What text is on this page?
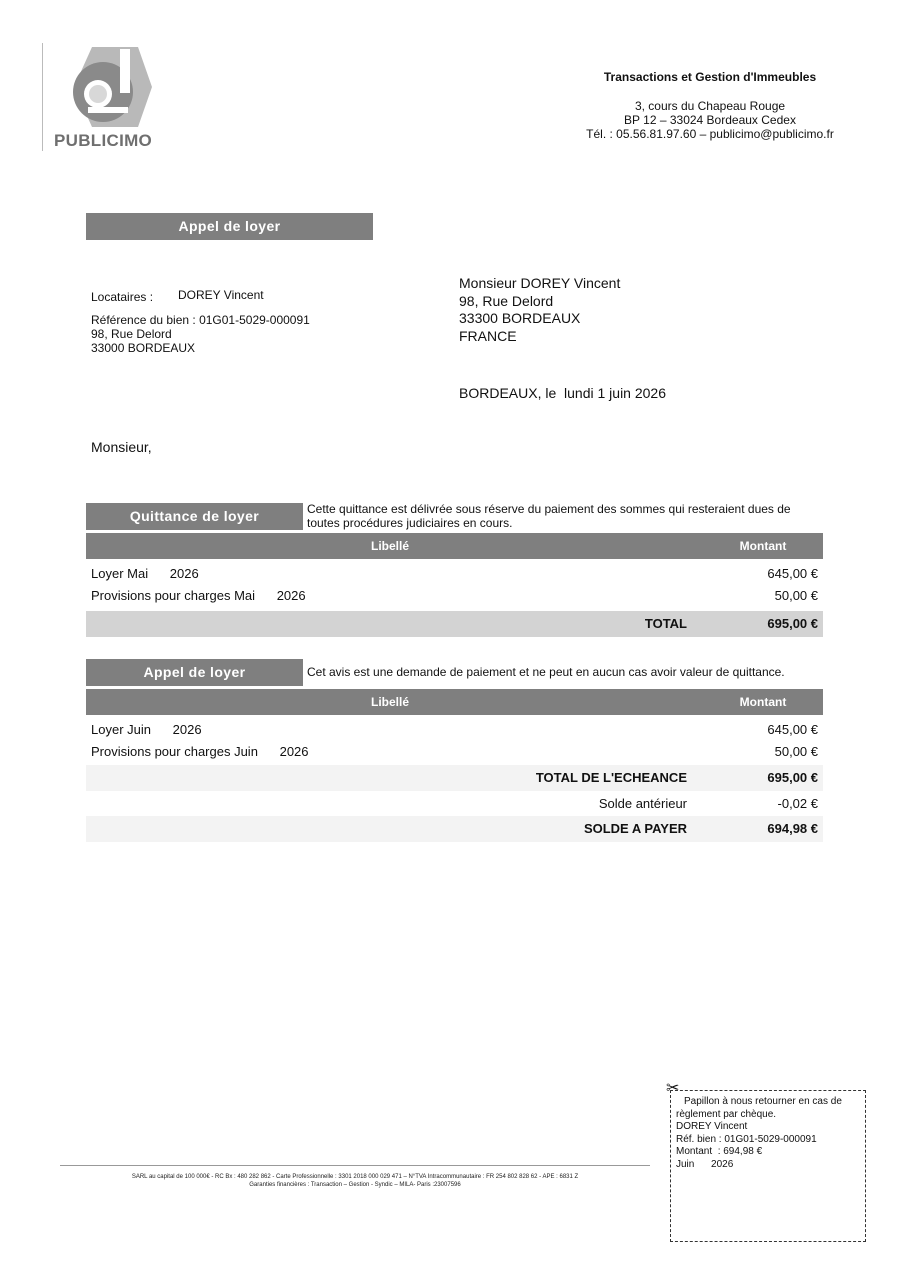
PUBLICIMO
Transactions et Gestion d'Immeubles
3, cours du Chapeau Rouge
BP 12 – 33024 Bordeaux Cedex
Tél. : 05.56.81.97.60 – publicimo@publicimo.fr
Appel de loyer
Locataires : DOREY Vincent
Référence du bien : 01G01-5029-000091
98, Rue Delord
33000 BORDEAUX
Monsieur DOREY Vincent
98, Rue Delord
33300 BORDEAUX
FRANCE
BORDEAUX, le  lundi 1 juin 2026
Monsieur,
Quittance de loyer	Cette quittance est délivrée sous réserve du paiement des sommes qui resteraient dues de toutes procédures judiciaires en cours.
Libellé	Montant
Loyer Mai      2026	645,00 €
Provisions pour charges Mai      2026	50,00 €
TOTAL	695,00 €
Appel de loyer	Cet avis est une demande de paiement et ne peut en aucun cas avoir valeur de quittance.
Libellé	Montant
Loyer Juin      2026	645,00 €
Provisions pour charges Juin      2026	50,00 €
TOTAL DE L'ECHEANCE	695,00 €
Solde antérieur	-0,02 €
SOLDE A PAYER	694,98 €
SARL au capital de 100 000€ - RC Bx : 480 282 862 - Carte Professionnelle : 3301 2018 000 029 471 – N°TVA Intracommunautaire : FR 254 802 828 62 - APE : 6831 Z
Garanties financières : Transaction – Gestion - Syndic – MILA- Paris :23007596
✂
Papillon à nous retourner en cas de règlement par chèque.
DOREY Vincent
Réf. bien : 01G01-5029-000091
Montant  : 694,98 €
Juin      2026
